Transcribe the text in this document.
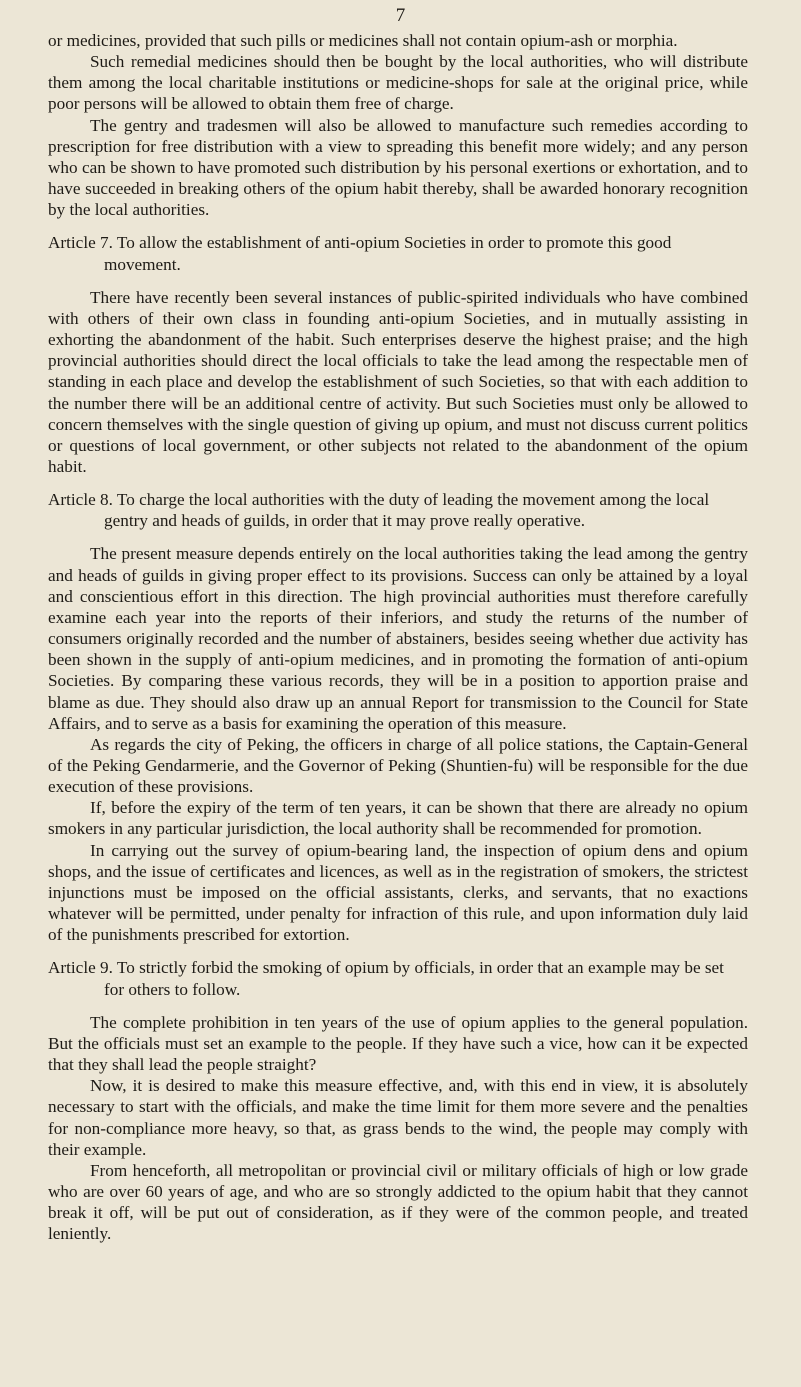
7

or medicines, provided that such pills or medicines shall not contain opium-ash or morphia.

Such remedial medicines should then be bought by the local authorities, who will distribute them among the local charitable institutions or medicine-shops for sale at the original price, while poor persons will be allowed to obtain them free of charge.

The gentry and tradesmen will also be allowed to manufacture such remedies according to prescription for free distribution with a view to spreading this benefit more widely; and any person who can be shown to have promoted such distribution by his personal exertions or exhortation, and to have succeeded in breaking others of the opium habit thereby, shall be awarded honorary recognition by the local authorities.

Article 7. To allow the establishment of anti-opium Societies in order to promote this good movement.

There have recently been several instances of public-spirited individuals who have combined with others of their own class in founding anti-opium Societies, and in mutually assisting in exhorting the abandonment of the habit. Such enterprises deserve the highest praise; and the high provincial authorities should direct the local officials to take the lead among the respectable men of standing in each place and develop the establishment of such Societies, so that with each addition to the number there will be an additional centre of activity. But such Societies must only be allowed to concern themselves with the single question of giving up opium, and must not discuss current politics or questions of local government, or other subjects not related to the abandonment of the opium habit.

Article 8. To charge the local authorities with the duty of leading the movement among the local gentry and heads of guilds, in order that it may prove really operative.

The present measure depends entirely on the local authorities taking the lead among the gentry and heads of guilds in giving proper effect to its provisions. Success can only be attained by a loyal and conscientious effort in this direction. The high provincial authorities must therefore carefully examine each year into the reports of their inferiors, and study the returns of the number of consumers originally recorded and the number of abstainers, besides seeing whether due activity has been shown in the supply of anti-opium medicines, and in promoting the formation of anti-opium Societies. By comparing these various records, they will be in a position to apportion praise and blame as due. They should also draw up an annual Report for transmission to the Council for State Affairs, and to serve as a basis for examining the operation of this measure.

As regards the city of Peking, the officers in charge of all police stations, the Captain-General of the Peking Gendarmerie, and the Governor of Peking (Shuntien-fu) will be responsible for the due execution of these provisions.

If, before the expiry of the term of ten years, it can be shown that there are already no opium smokers in any particular jurisdiction, the local authority shall be recommended for promotion.

In carrying out the survey of opium-bearing land, the inspection of opium dens and opium shops, and the issue of certificates and licences, as well as in the registration of smokers, the strictest injunctions must be imposed on the official assistants, clerks, and servants, that no exactions whatever will be permitted, under penalty for infraction of this rule, and upon information duly laid of the punishments prescribed for extortion.

Article 9. To strictly forbid the smoking of opium by officials, in order that an example may be set for others to follow.

The complete prohibition in ten years of the use of opium applies to the general population. But the officials must set an example to the people. If they have such a vice, how can it be expected that they shall lead the people straight?

Now, it is desired to make this measure effective, and, with this end in view, it is absolutely necessary to start with the officials, and make the time limit for them more severe and the penalties for non-compliance more heavy, so that, as grass bends to the wind, the people may comply with their example.

From henceforth, all metropolitan or provincial civil or military officials of high or low grade who are over 60 years of age, and who are so strongly addicted to the opium habit that they cannot break it off, will be put out of consideration, as if they were of the common people, and treated leniently.
